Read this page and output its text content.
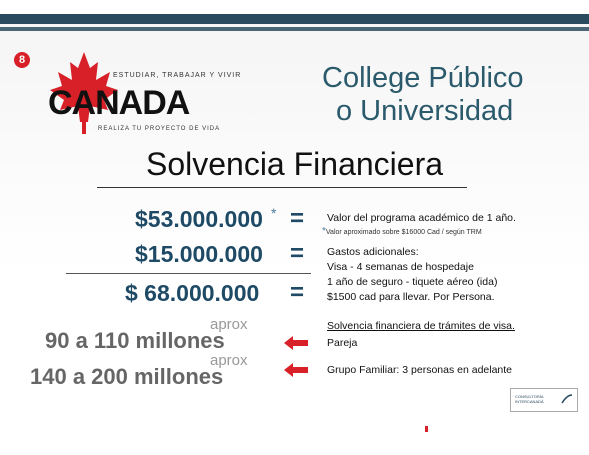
8
ESTUDIAR, TRABAJAR Y VIVIR
CANADA
REALIZA TU PROYECTO DE VIDA
College Público
o Universidad
Solvencia Financiera
$53.000.000 * =
$15.000.000 =
$ 68.000.000 =
Valor del programa académico de 1 año.
*Valor aproximado sobre $16000 Cad / según TRM
Gastos adicionales:
Visa - 4 semanas de hospedaje
1 año de seguro - tiquete aéreo (ida)
$1500 cad para llevar. Por Persona.
Solvencia financiera de trámites de visa.
Pareja
Grupo Familiar: 3 personas en adelante
aprox
90 a 110 millones
aprox
140 a 200 millones
CONSULTORÍA
INTERCANADÁ
